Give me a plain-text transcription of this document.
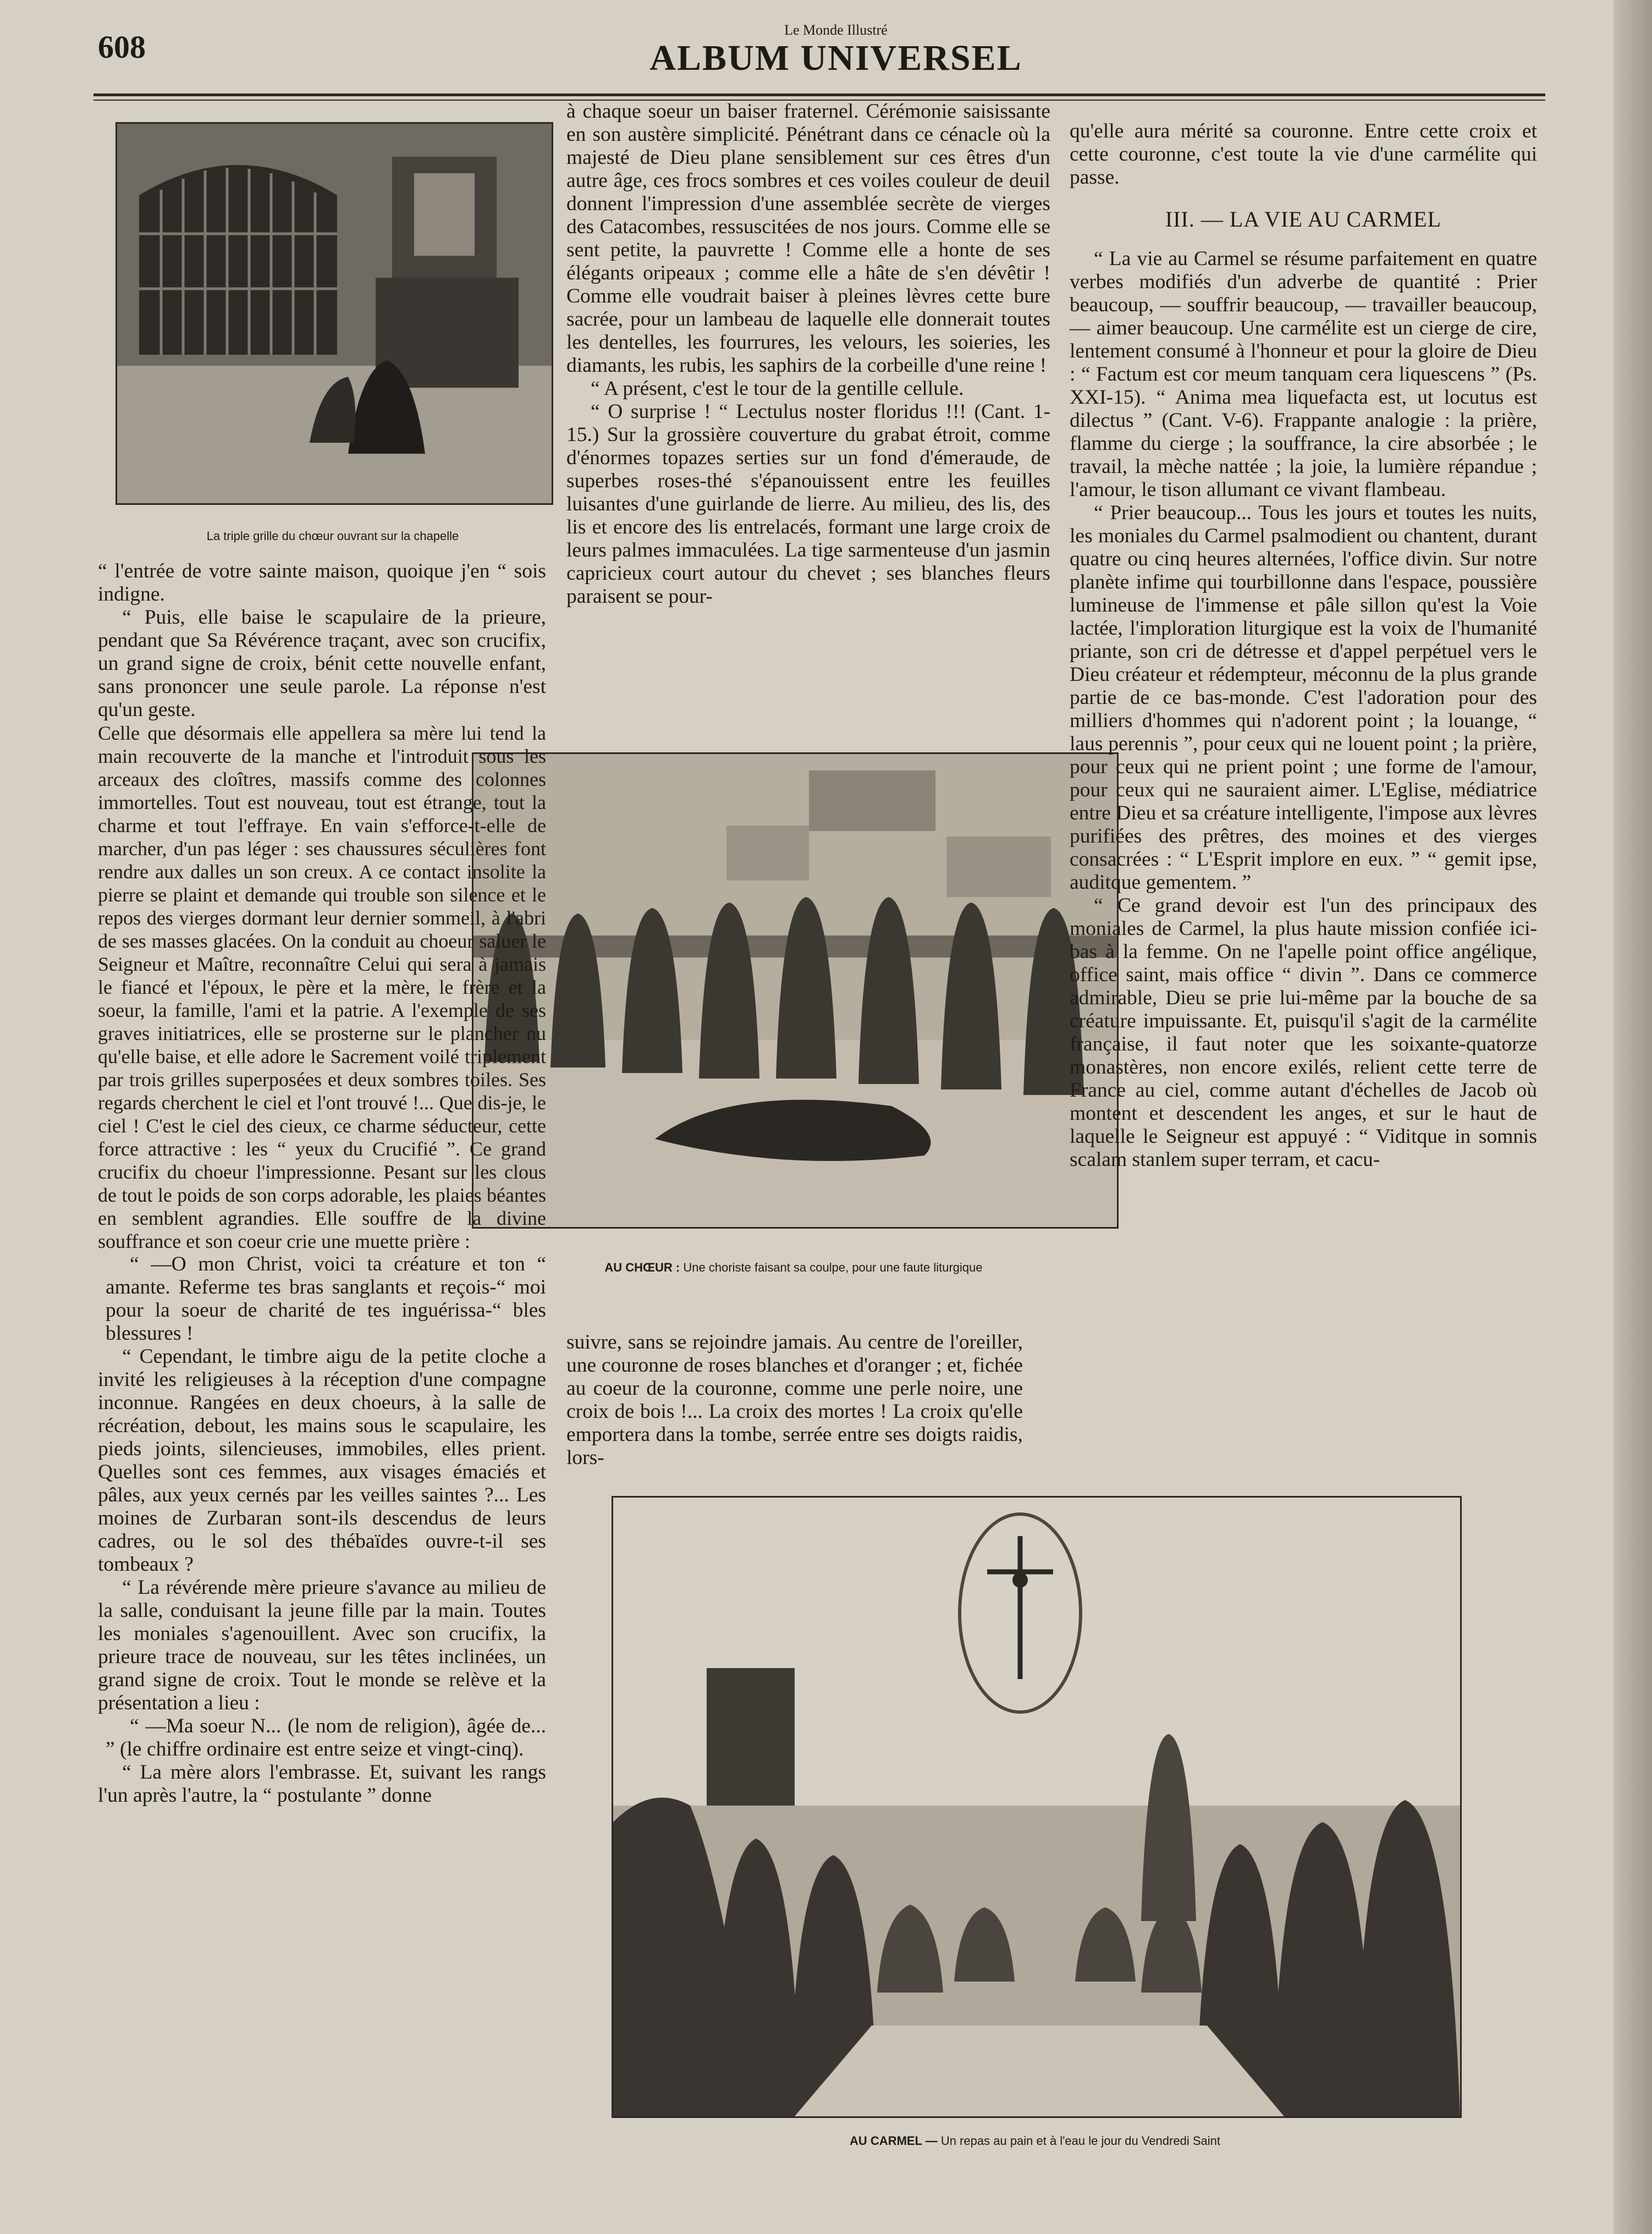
608	Le Monde Illustré
ALBUM UNIVERSEL
La triple grille du chœur ouvrant sur la chapelle
AU CHŒUR : Une choriste faisant sa coulpe, pour une faute liturgique
AU CARMEL — Un repas au pain et à l'eau le jour du Vendredi Saint

“ l'entrée de votre sainte maison, quoique j'en “ sois indigne.

“ Puis, elle baise le scapulaire de la prieure, pendant que Sa Révérence traçant, avec son crucifix, un grand signe de croix, bénit cette nouvelle enfant, sans prononcer une seule parole. La réponse n'est qu'un geste.

Celle que désormais elle appellera sa mère lui tend la main recouverte de la manche et l'introduit sous les arceaux des cloîtres, massifs comme des colonnes immortelles. Tout est nouveau, tout est étrange, tout la charme et tout l'effraye. En vain s'efforce-t-elle de marcher, d'un pas léger : ses chaussures séculières font rendre aux dalles un son creux. A ce contact insolite la pierre se plaint et demande qui trouble son silence et le repos des vierges dormant leur dernier sommeil, à l'abri de ses masses glacées. On la conduit au choeur saluer le Seigneur et Maître, reconnaître Celui qui sera à jamais le fiancé et l'époux, le père et la mère, le frère et la soeur, la famille, l'ami et la patrie. A l'exemple de ses graves initiatrices, elle se prosterne sur le plancher nu qu'elle baise, et elle adore le Sacrement voilé triplement par trois grilles superposées et deux sombres toiles. Ses regards cherchent le ciel et l'ont trouvé !... Que dis-je, le ciel ! C'est le ciel des cieux, ce charme séducteur, cette force attractive : les “ yeux du Crucifié ”. Ce grand crucifix du choeur l'impressionne. Pesant sur les clous de tout le poids de son corps adorable, les plaies béantes en semblent agrandies. Elle souffre de la divine souffrance et son coeur crie une muette prière :

“ —O mon Christ, voici ta créature et ton “ amante. Referme tes bras sanglants et reçois-“ moi pour la soeur de charité de tes inguérissa-“ bles blessures !

“ Cependant, le timbre aigu de la petite cloche a invité les religieuses à la réception d'une compagne inconnue. Rangées en deux choeurs, à la salle de récréation, debout, les mains sous le scapulaire, les pieds joints, silencieuses, immobiles, elles prient. Quelles sont ces femmes, aux visages émaciés et pâles, aux yeux cernés par les veilles saintes ?... Les moines de Zurbaran sont-ils descendus de leurs cadres, ou le sol des thébaïdes ouvre-t-il ses tombeaux ?

“ La révérende mère prieure s'avance au milieu de la salle, conduisant la jeune fille par la main. Toutes les moniales s'agenouillent. Avec son crucifix, la prieure trace de nouveau, sur les têtes inclinées, un grand signe de croix. Tout le monde se relève et la présentation a lieu :

“ —Ma soeur N... (le nom de religion), âgée de... ” (le chiffre ordinaire est entre seize et vingt-cinq).

“ La mère alors l'embrasse. Et, suivant les rangs l'un après l'autre, la “ postulante ” donne

à chaque soeur un baiser fraternel. Cérémonie saisissante en son austère simplicité. Pénétrant dans ce cénacle où la majesté de Dieu plane sensiblement sur ces êtres d'un autre âge, ces frocs sombres et ces voiles couleur de deuil donnent l'impression d'une assemblée secrète de vierges des Catacombes, ressuscitées de nos jours. Comme elle se sent petite, la pauvrette ! Comme elle a honte de ses élégants oripeaux ; comme elle a hâte de s'en dévêtir ! Comme elle voudrait baiser à pleines lèvres cette bure sacrée, pour un lambeau de laquelle elle donnerait toutes les dentelles, les fourrures, les velours, les soieries, les diamants, les rubis, les saphirs de la corbeille d'une reine !

“ A présent, c'est le tour de la gentille cellule.

“ O surprise ! “ Lectulus noster floridus !!! (Cant. 1-15.) Sur la grossière couverture du grabat étroit, comme d'énormes topazes serties sur un fond d'émeraude, de superbes roses-thé s'épanouissent entre les feuilles luisantes d'une guirlande de lierre. Au milieu, des lis, des lis et encore des lis entrelacés, formant une large croix de leurs palmes immaculées. La tige sarmenteuse d'un jasmin capricieux court autour du chevet ; ses blanches fleurs paraisent se pour-

suivre, sans se rejoindre jamais. Au centre de l'oreiller, une couronne de roses blanches et d'oranger ; et, fichée au coeur de la couronne, comme une perle noire, une croix de bois !... La croix des mortes ! La croix qu'elle emportera dans la tombe, serrée entre ses doigts raidis, lors-

qu'elle aura mérité sa couronne. Entre cette croix et cette couronne, c'est toute la vie d'une carmélite qui passe.

III. — LA VIE AU CARMEL

“ La vie au Carmel se résume parfaitement en quatre verbes modifiés d'un adverbe de quantité : Prier beaucoup, — souffrir beaucoup, — travailler beaucoup, — aimer beaucoup. Une carmélite est un cierge de cire, lentement consumé à l'honneur et pour la gloire de Dieu : “ Factum est cor meum tanquam cera liquescens ” (Ps. XXI-15). “ Anima mea liquefacta est, ut locutus est dilectus ” (Cant. V-6). Frappante analogie : la prière, flamme du cierge ; la souffrance, la cire absorbée ; le travail, la mèche nattée ; la joie, la lumière répandue ; l'amour, le tison allumant ce vivant flambeau.

“ Prier beaucoup... Tous les jours et toutes les nuits, les moniales du Carmel psalmodient ou chantent, durant quatre ou cinq heures alternées, l'office divin. Sur notre planète infime qui tourbillonne dans l'espace, poussière lumineuse de l'immense et pâle sillon qu'est la Voie lactée, l'imploration liturgique est la voix de l'humanité priante, son cri de détresse et d'appel perpétuel vers le Dieu créateur et rédempteur, méconnu de la plus grande partie de ce bas-monde. C'est l'adoration pour des milliers d'hommes qui n'adorent point ; la louange, “ laus perennis ”, pour ceux qui ne louent point ; la prière, pour ceux qui ne prient point ; une forme de l'amour, pour ceux qui ne sauraient aimer. L'Eglise, médiatrice entre Dieu et sa créature intelligente, l'impose aux lèvres purifiées des prêtres, des moines et des vierges consacrées : “ L'Esprit implore en eux. ” “ gemit ipse, auditque gementem. ”

“ Ce grand devoir est l'un des principaux des moniales de Carmel, la plus haute mission confiée ici-bas à la femme. On ne l'apelle point office angélique, office saint, mais office “ divin ”. Dans ce commerce admirable, Dieu se prie lui-même par la bouche de sa créature impuissante. Et, puisqu'il s'agit de la carmélite française, il faut noter que les soixante-quatorze monastères, non encore exilés, relient cette terre de France au ciel, comme autant d'échelles de Jacob où montent et descendent les anges, et sur le haut de laquelle le Seigneur est appuyé : “ Viditque in somnis scalam stanlem super terram, et cacu-
